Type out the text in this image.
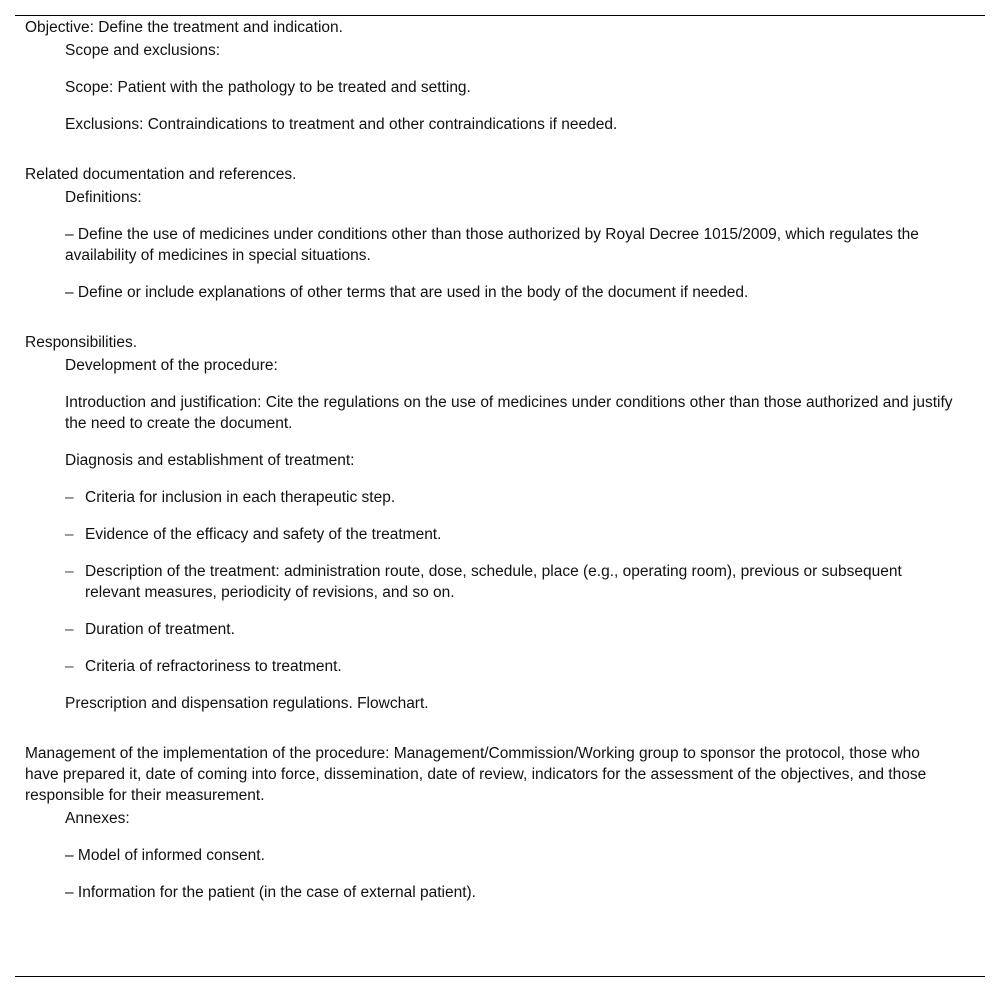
Objective: Define the treatment and indication.

Scope and exclusions:

Scope: Patient with the pathology to be treated and setting.

Exclusions: Contraindications to treatment and other contraindications if needed.

Related documentation and references.

Definitions:

– Define the use of medicines under conditions other than those authorized by Royal Decree 1015/2009, which regulates the availability of medicines in special situations.

– Define or include explanations of other terms that are used in the body of the document if needed.

Responsibilities.

Development of the procedure:

Introduction and justification: Cite the regulations on the use of medicines under conditions other than those authorized and justify the need to create the document.

Diagnosis and establishment of treatment:

– Criteria for inclusion in each therapeutic step.
– Evidence of the efficacy and safety of the treatment.
– Description of the treatment: administration route, dose, schedule, place (e.g., operating room), previous or subsequent relevant measures, periodicity of revisions, and so on.
– Duration of treatment.
– Criteria of refractoriness to treatment.

Prescription and dispensation regulations. Flowchart.

Management of the implementation of the procedure: Management/Commission/Working group to sponsor the protocol, those who have prepared it, date of coming into force, dissemination, date of review, indicators for the assessment of the objectives, and those responsible for their measurement.

Annexes:

– Model of informed consent.

– Information for the patient (in the case of external patient).
